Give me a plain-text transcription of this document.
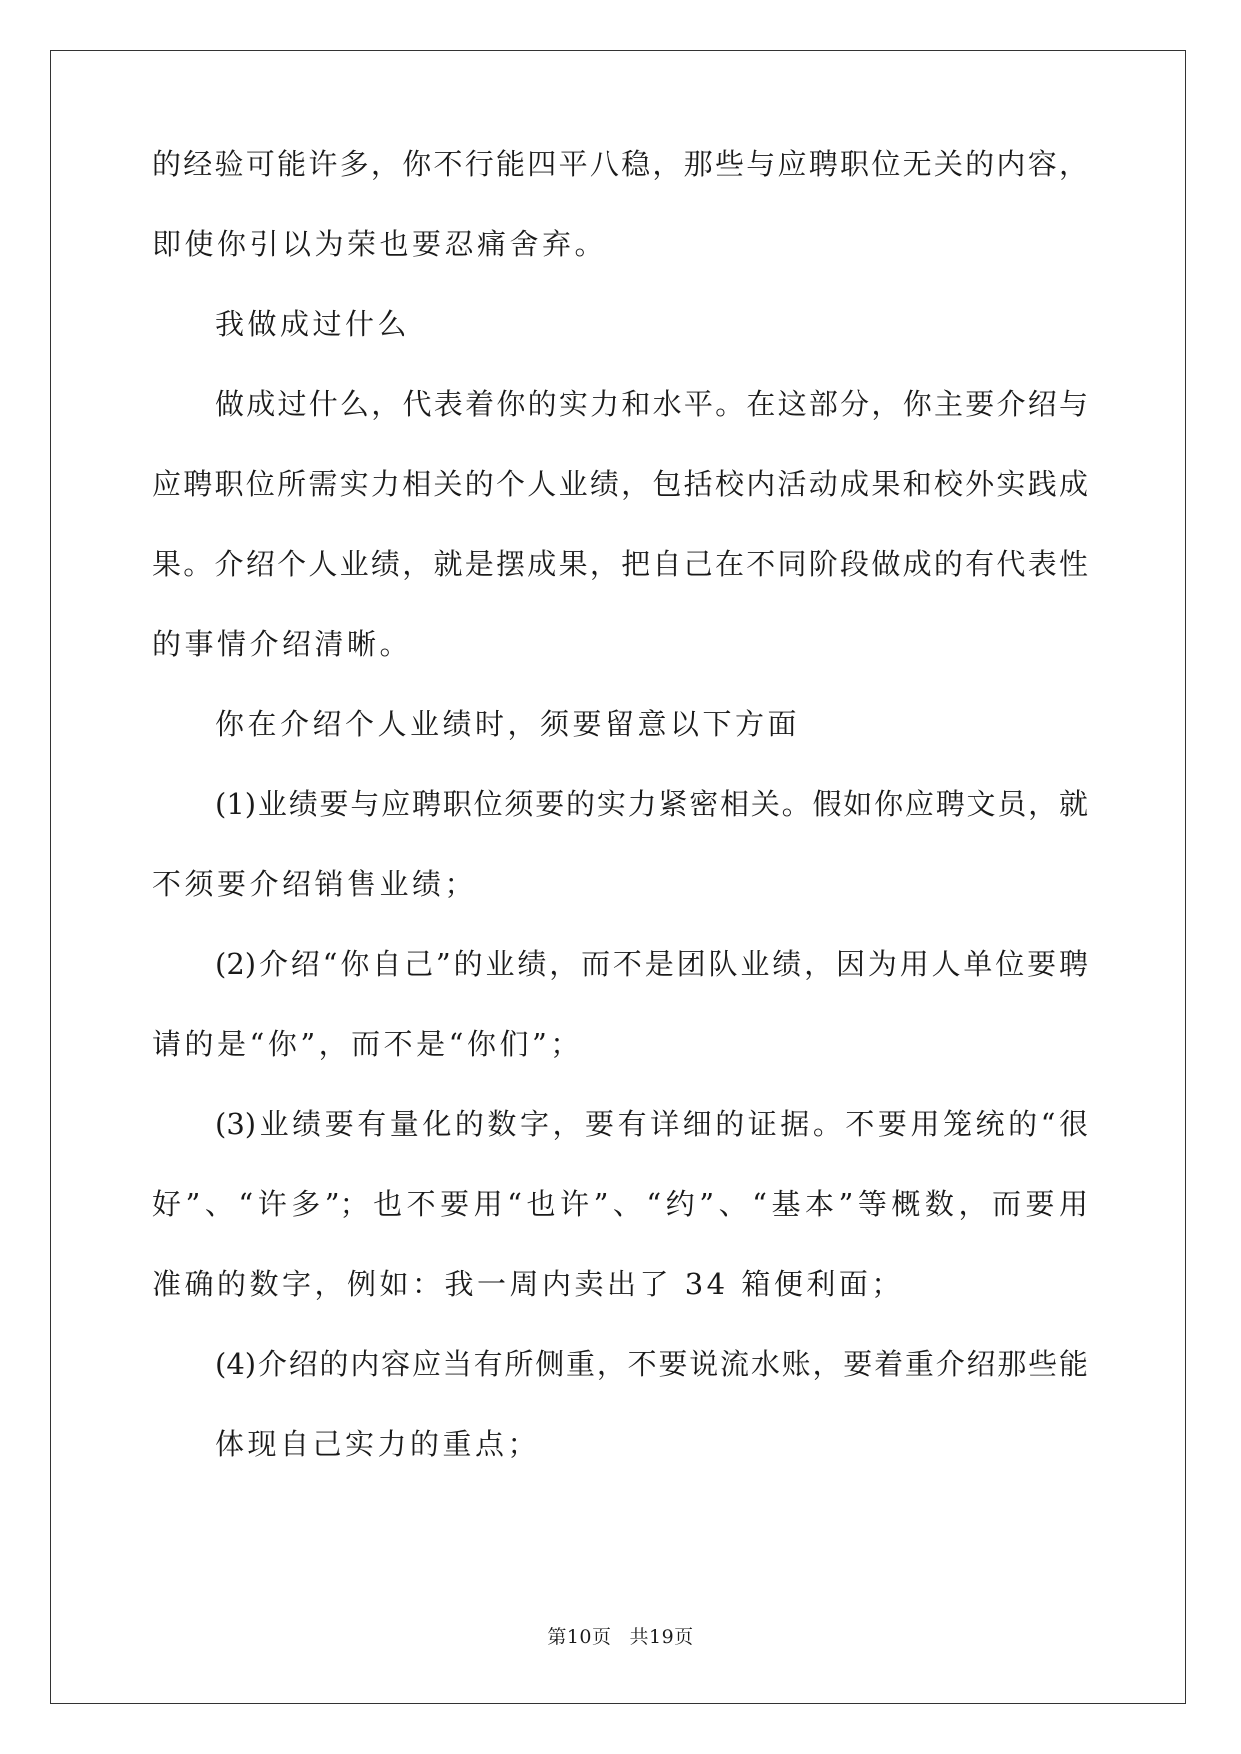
的经验可能许多，你不行能四平八稳，那些与应聘职位无关的内容，
即使你引以为荣也要忍痛舍弃。
我做成过什么
做成过什么，代表着你的实力和水平。在这部分，你主要介绍与
应聘职位所需实力相关的个人业绩，包括校内活动成果和校外实践成
果。介绍个人业绩，就是摆成果，把自己在不同阶段做成的有代表性
的事情介绍清晰。
你在介绍个人业绩时，须要留意以下方面
(1)业绩要与应聘职位须要的实力紧密相关。假如你应聘文员，就
不须要介绍销售业绩；
(2)介绍“你自己”的业绩，而不是团队业绩，因为用人单位要聘
请的是“你”，而不是“你们”；
(3)业绩要有量化的数字，要有详细的证据。不要用笼统的“很
好”、“许多”；也不要用“也许”、“约”、“基本”等概数，而要用
准确的数字，例如：我一周内卖出了 34 箱便利面；
(4)介绍的内容应当有所侧重，不要说流水账，要着重介绍那些能
体现自己实力的重点；
第10页 共19页
